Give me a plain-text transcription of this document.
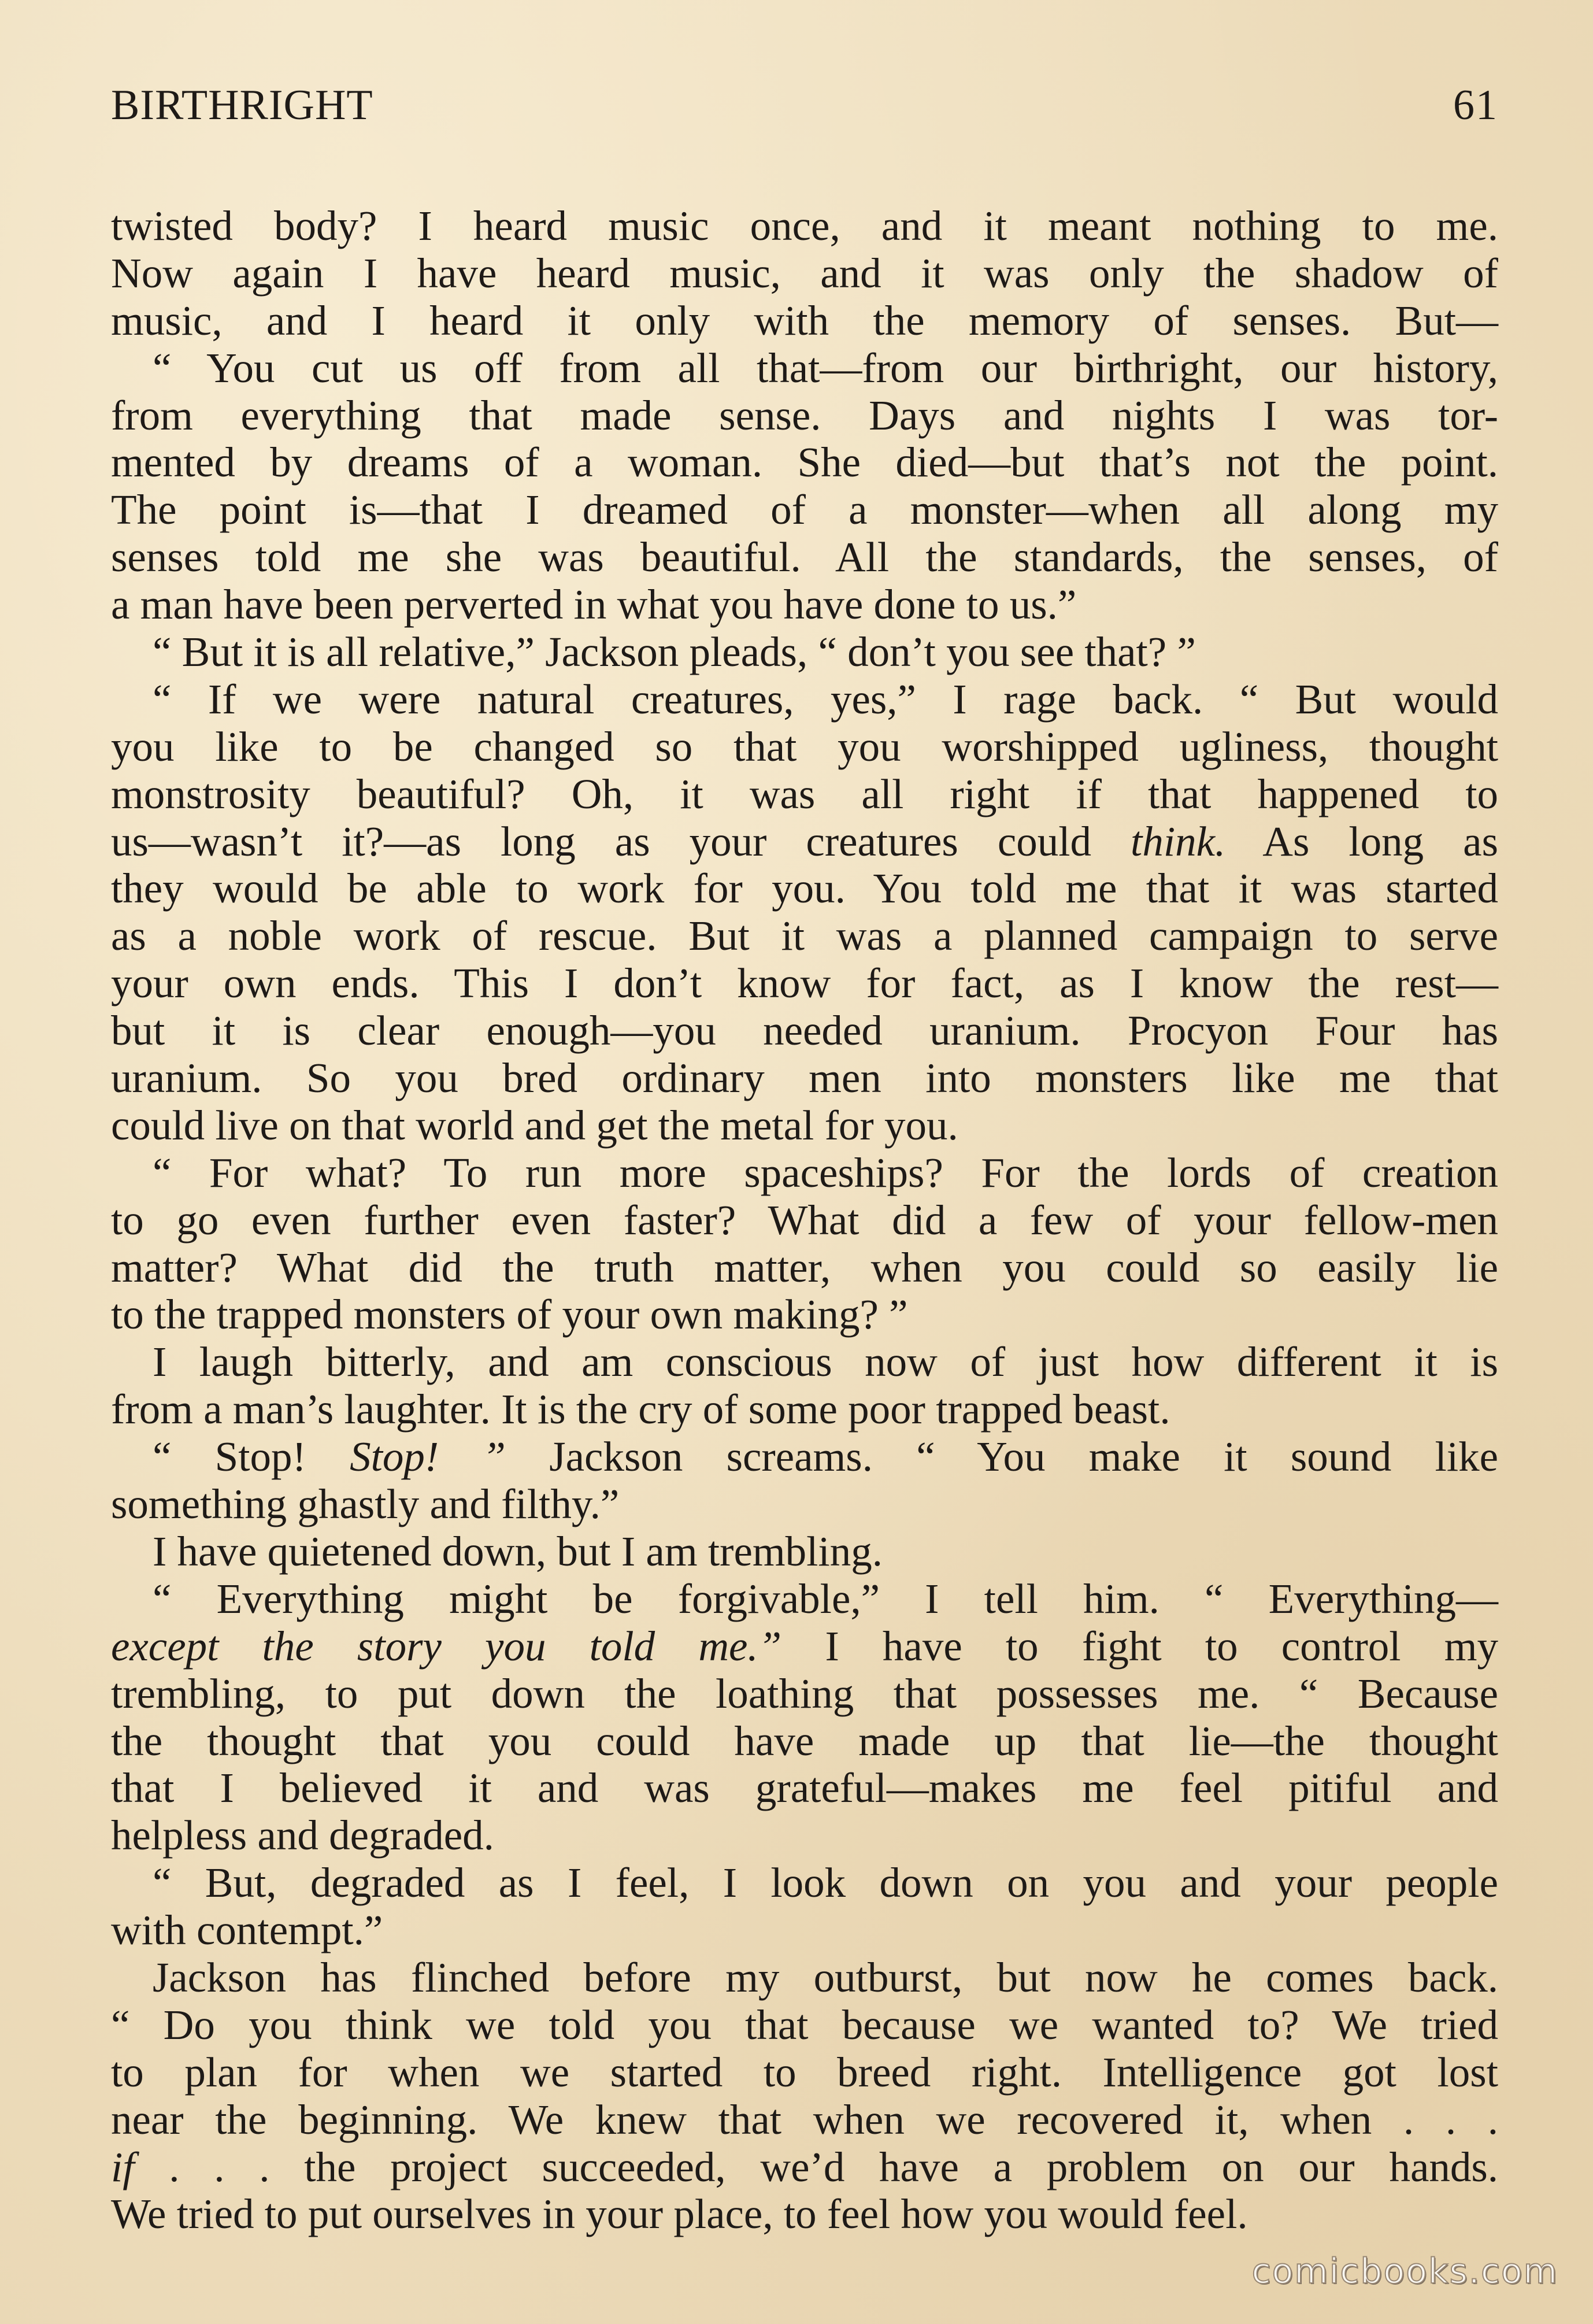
BIRTHRIGHT	61
twisted body? I heard music once, and it meant nothing to me.
Now again I have heard music, and it was only the shadow of
music, and I heard it only with the memory of senses. But—
“ You cut us off from all that—from our birthright, our history,
from everything that made sense. Days and nights I was tor-
mented by dreams of a woman. She died—but that’s not the point.
The point is—that I dreamed of a monster—when all along my
senses told me she was beautiful. All the standards, the senses, of
a man have been perverted in what you have done to us.”
“ But it is all relative,” Jackson pleads, “ don’t you see that? ”
“ If we were natural creatures, yes,” I rage back. “ But would
you like to be changed so that you worshipped ugliness, thought
monstrosity beautiful? Oh, it was all right if that happened to
us—wasn’t it?—as long as your creatures could think. As long as
they would be able to work for you. You told me that it was started
as a noble work of rescue. But it was a planned campaign to serve
your own ends. This I don’t know for fact, as I know the rest—
but it is clear enough—you needed uranium. Procyon Four has
uranium. So you bred ordinary men into monsters like me that
could live on that world and get the metal for you.
“ For what? To run more spaceships? For the lords of creation
to go even further even faster? What did a few of your fellow-men
matter? What did the truth matter, when you could so easily lie
to the trapped monsters of your own making? ”
I laugh bitterly, and am conscious now of just how different it is
from a man’s laughter. It is the cry of some poor trapped beast.
“ Stop! Stop! ” Jackson screams. “ You make it sound like
something ghastly and filthy.”
I have quietened down, but I am trembling.
“ Everything might be forgivable,” I tell him. “ Everything—
except the story you told me.” I have to fight to control my
trembling, to put down the loathing that possesses me. “ Because
the thought that you could have made up that lie—the thought
that I believed it and was grateful—makes me feel pitiful and
helpless and degraded.
“ But, degraded as I feel, I look down on you and your people
with contempt.”
Jackson has flinched before my outburst, but now he comes back.
“ Do you think we told you that because we wanted to? We tried
to plan for when we started to breed right. Intelligence got lost
near the beginning. We knew that when we recovered it, when . . .
if . . . the project succeeded, we’d have a problem on our hands.
We tried to put ourselves in your place, to feel how you would feel.
comicbooks.com
